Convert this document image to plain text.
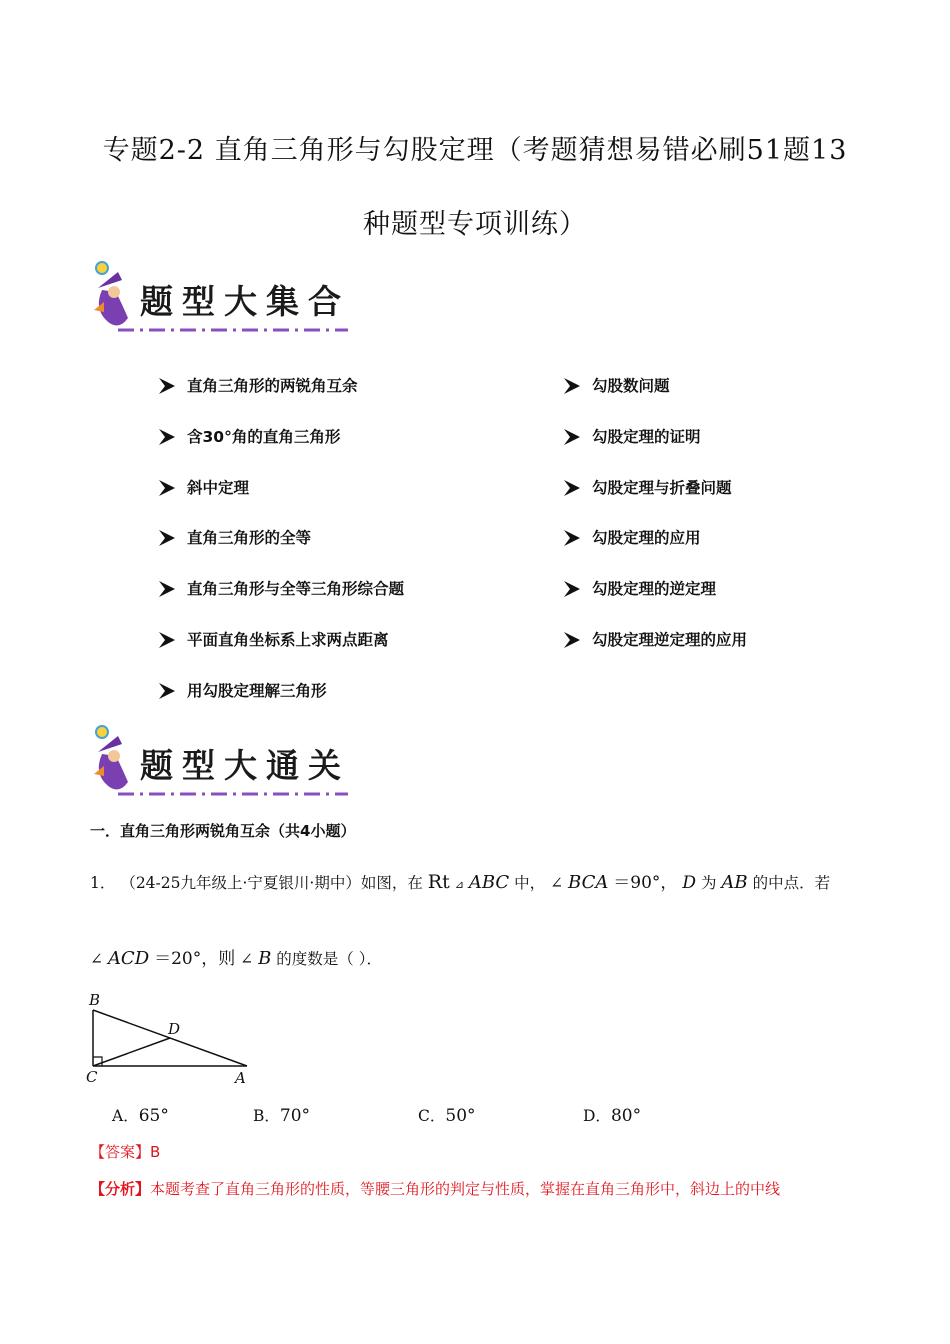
专题2-2 直角三角形与勾股定理（考题猜想易错必刷51题13
种题型专项训练）
题型大集合
直角三角形的两锐角互余
含30°角的直角三角形
斜中定理
直角三角形的全等
直角三角形与全等三角形综合题
平面直角坐标系上求两点距离
用勾股定理解三角形
勾股数问题
勾股定理的证明
勾股定理与折叠问题
勾股定理的应用
勾股定理的逆定理
勾股定理逆定理的应用
题型大通关
一．直角三角形两锐角互余（共4小题）
1． （24-25九年级上·宁夏银川·期中）如图，在 Rt ⊿ ABC 中， ∠ BCA ＝90°， D 为 AB 的中点．若
∠ ACD ＝20°，则 ∠ B 的度数是（ ）．
B
D
C	A
A．65°	B．70°	C．50°	D．80°
【答案】B
【分析】本题考查了直角三角形的性质，等腰三角形的判定与性质，掌握在直角三角形中，斜边上的中线
